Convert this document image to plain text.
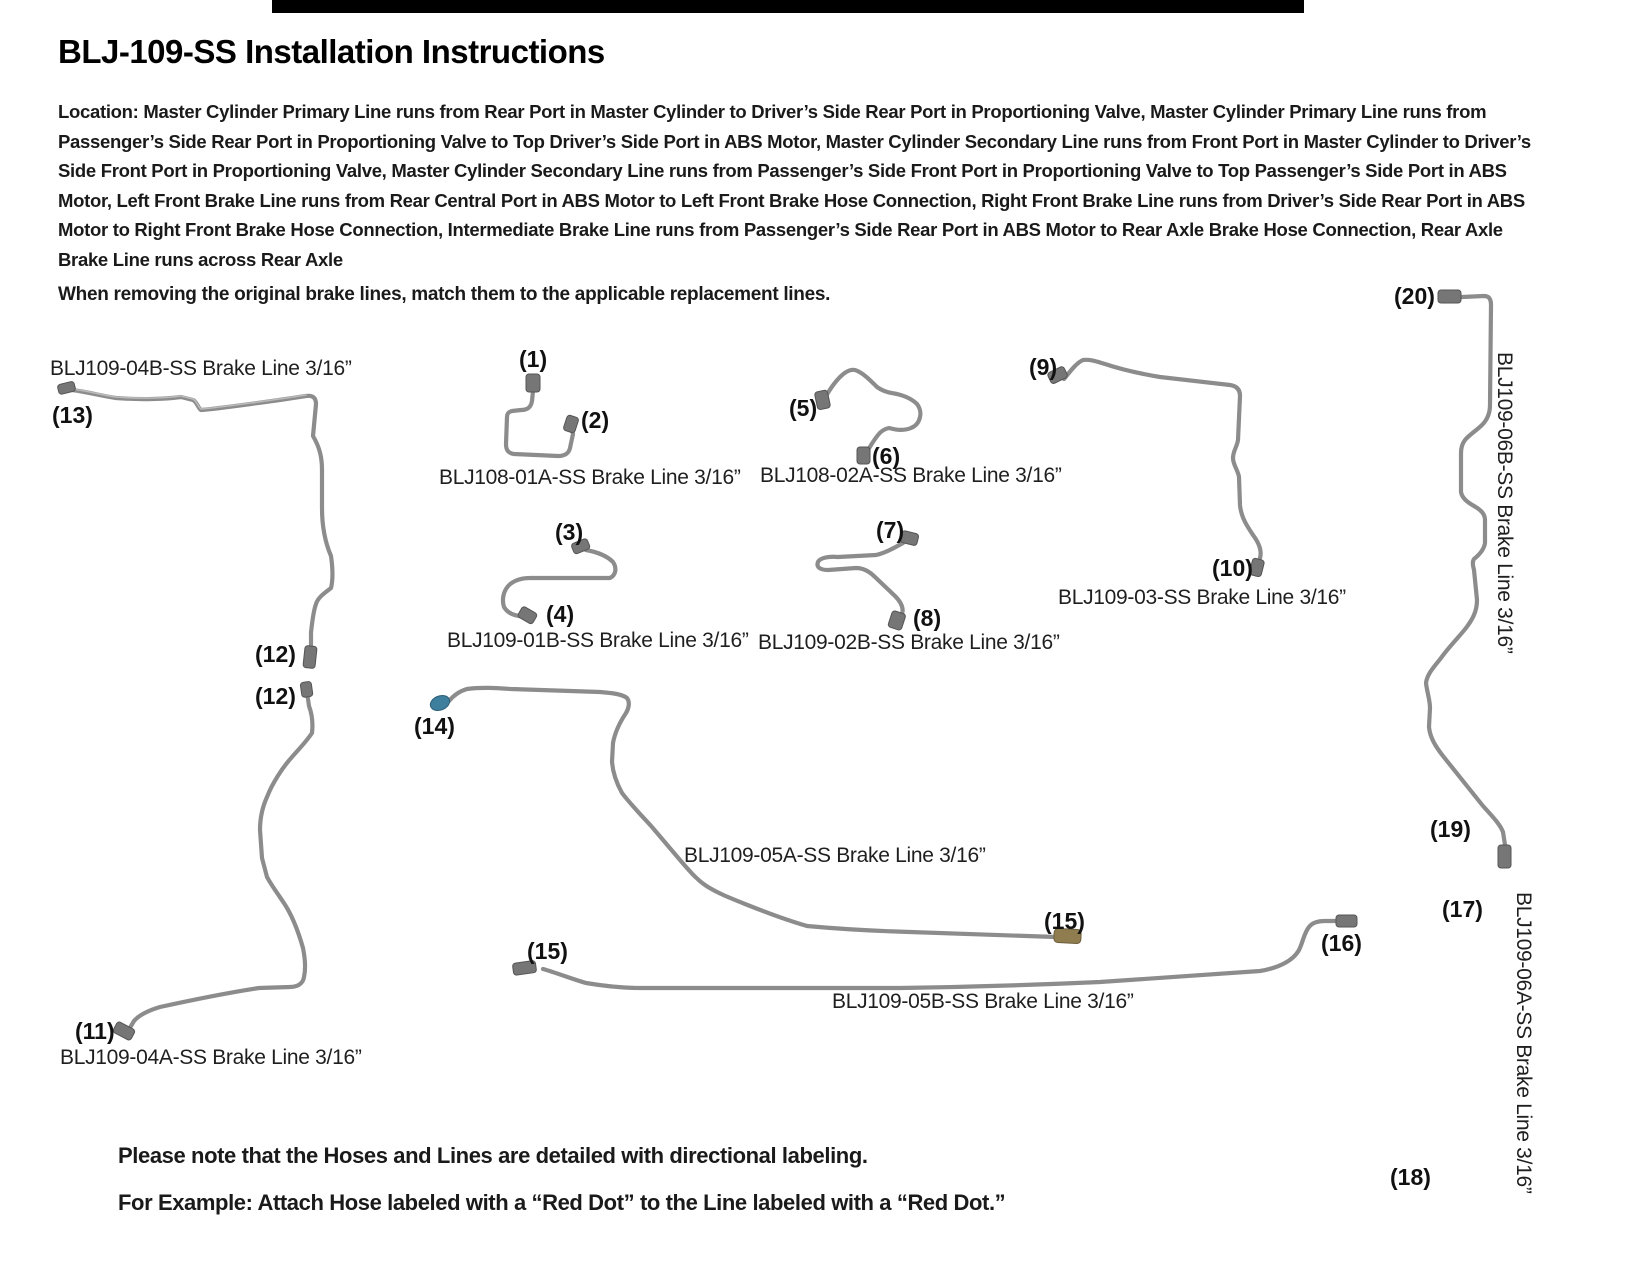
BLJ-109-SS Installation Instructions
Location: Master Cylinder Primary Line runs from Rear Port in Master Cylinder to Driver’s Side Rear Port in Proportioning Valve, Master Cylinder Primary Line runs from
Passenger’s Side Rear Port in Proportioning Valve to Top Driver’s Side Port in ABS Motor, Master Cylinder Secondary Line runs from Front Port in Master Cylinder to Driver’s
Side Front Port in Proportioning Valve, Master Cylinder Secondary Line runs from Passenger’s Side Front Port in Proportioning Valve to Top Passenger’s Side Port in ABS
Motor, Left Front Brake Line runs from Rear Central Port in ABS Motor to Left Front Brake Hose Connection, Right Front Brake Line runs from Driver’s Side Rear Port in ABS
Motor to Right Front Brake Hose Connection, Intermediate Brake Line runs from Passenger’s Side Rear Port in ABS Motor to Rear Axle Brake Hose Connection, Rear Axle
Brake Line runs across Rear Axle
When removing the original brake lines, match them to the applicable replacement lines.
BLJ109-04B-SS Brake Line 3/16”
BLJ108-01A-SS Brake Line 3/16” BLJ108-02A-SS Brake Line 3/16”
BLJ109-01B-SS Brake Line 3/16” BLJ109-02B-SS Brake Line 3/16”
BLJ109-03-SS Brake Line 3/16”
BLJ109-05A-SS Brake Line 3/16”
BLJ109-05B-SS Brake Line 3/16”
BLJ109-04A-SS Brake Line 3/16”
BLJ109-06B-SS Brake Line 3/16”
BLJ109-06A-SS Brake Line 3/16”
(1)
(2)
(3)
(4)
(5)
(6)
(7)
(8)
(9)
(10)
(11)
(12)
(12)
(13)
(14)
(15)
(15)	(16)
(17)
(18)
(19)
(20)
Please note that the Hoses and Lines are detailed with directional labeling.
For Example: Attach Hose labeled with a “Red Dot” to the Line labeled with a “Red Dot.”
